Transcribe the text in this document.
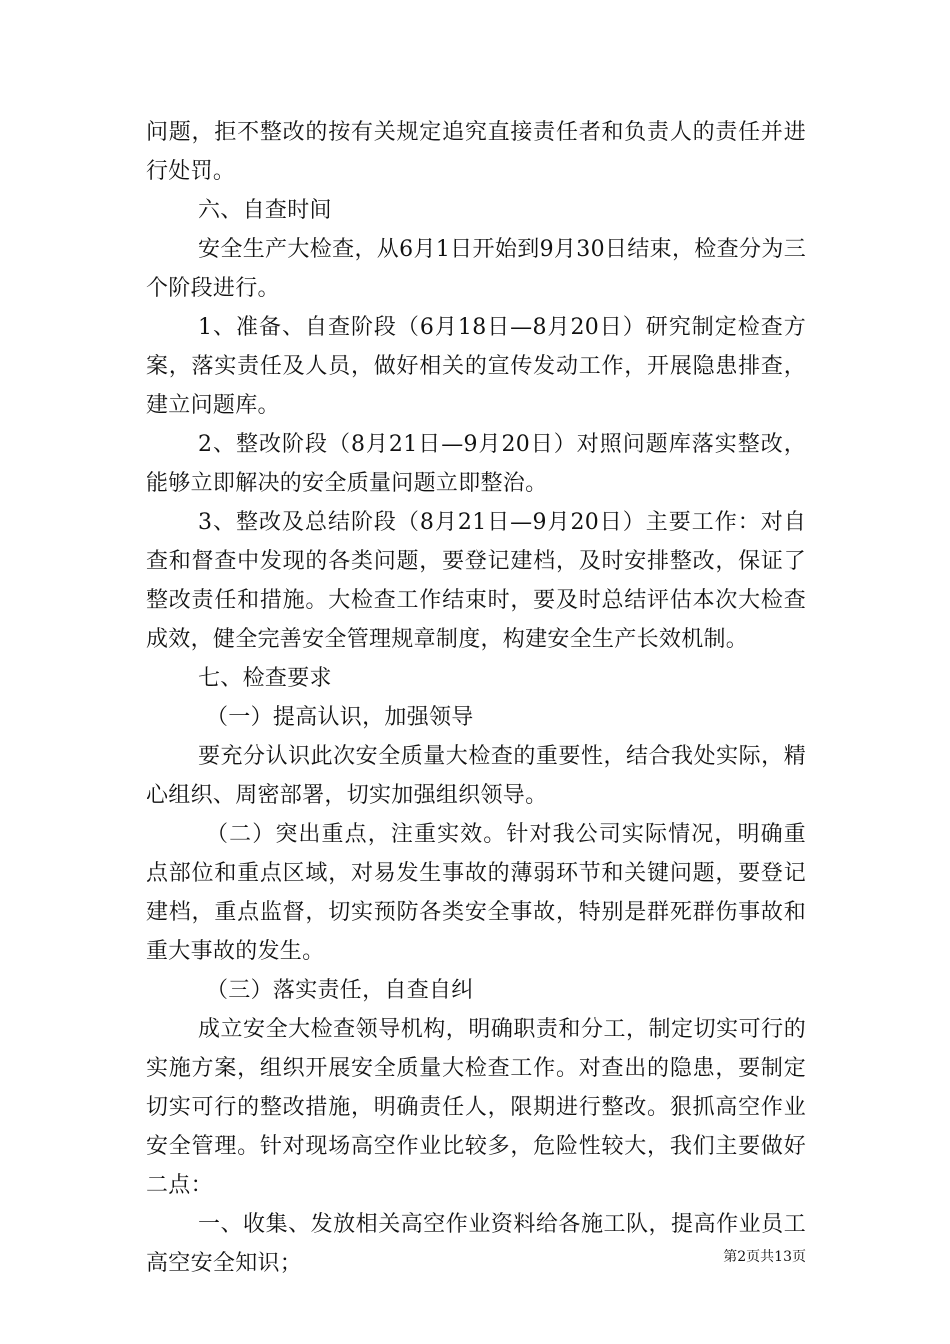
问题，拒不整改的按有关规定追究直接责任者和负责人的责任并进行处罚。

六、自查时间

安全生产大检查，从6月1日开始到9月30日结束，检查分为三个阶段进行。

1、准备、自查阶段（6月18日—8月20日）研究制定检查方案，落实责任及人员，做好相关的宣传发动工作，开展隐患排查，建立问题库。

2、整改阶段（8月21日—9月20日）对照问题库落实整改，能够立即解决的安全质量问题立即整治。

3、整改及总结阶段（8月21日—9月20日）主要工作：对自查和督查中发现的各类问题，要登记建档，及时安排整改，保证了整改责任和措施。大检查工作结束时，要及时总结评估本次大检查成效，健全完善安全管理规章制度，构建安全生产长效机制。

七、检查要求

（一）提高认识，加强领导

要充分认识此次安全质量大检查的重要性，结合我处实际，精心组织、周密部署，切实加强组织领导。

（二）突出重点，注重实效。针对我公司实际情况，明确重点部位和重点区域，对易发生事故的薄弱环节和关键问题，要登记建档，重点监督，切实预防各类安全事故，特别是群死群伤事故和重大事故的发生。

（三）落实责任，自查自纠

成立安全大检查领导机构，明确职责和分工，制定切实可行的实施方案，组织开展安全质量大检查工作。对查出的隐患，要制定切实可行的整改措施，明确责任人，限期进行整改。狠抓高空作业安全管理。针对现场高空作业比较多，危险性较大，我们主要做好二点：

一、收集、发放相关高空作业资料给各施工队，提高作业员工高空安全知识；	第2页共13页
